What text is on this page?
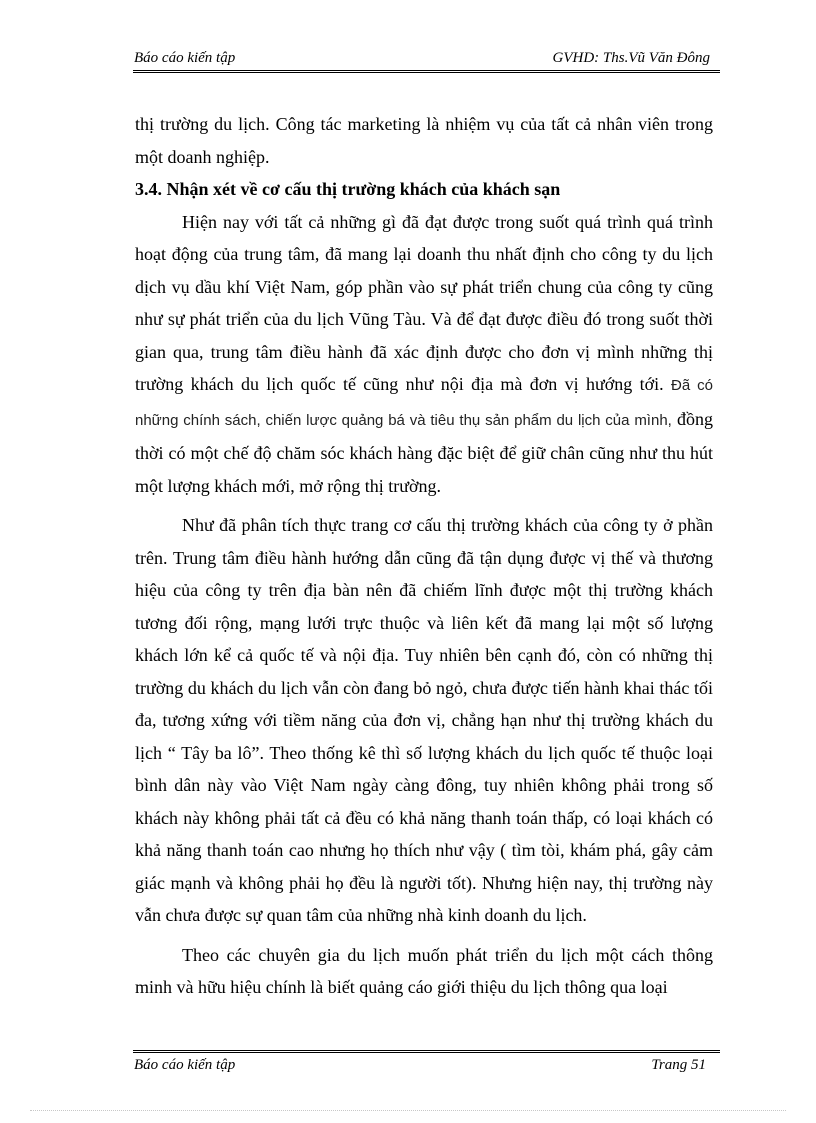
Báo cáo kiến tập	GVHD: Ths.Vũ Văn Đông

thị trường du lịch. Công tác marketing là nhiệm vụ của tất cả nhân viên trong một doanh nghiệp.

3.4. Nhận xét về cơ cấu thị trường khách của khách sạn

Hiện nay với tất cả những gì đã đạt được trong suốt quá trình quá trình hoạt động của trung tâm, đã mang lại doanh thu nhất định cho công ty du lịch dịch vụ dầu khí Việt Nam, góp phần vào sự phát triển chung của công ty cũng như sự phát triển của du lịch Vũng Tàu. Và để đạt được điều đó trong suốt thời gian qua, trung tâm điều hành đã xác định được cho đơn vị mình những thị trường khách du lịch quốc tế cũng như nội địa mà đơn vị hướng tới. Đã có những chính sách, chiến lược quảng bá và tiêu thụ sản phẩm du lịch của mình, đồng thời có một chế độ chăm sóc khách hàng đặc biệt để giữ chân cũng như thu hút một lượng khách mới, mở rộng thị trường.

Như đã phân tích thực trang cơ cấu thị trường khách của công ty ở phần trên. Trung tâm điều hành hướng dẫn cũng đã tận dụng được vị thế và thương hiệu của công ty trên địa bàn nên đã chiếm lĩnh được một thị trường khách tương đối rộng, mạng lưới trực thuộc và liên kết đã mang lại một số lượng khách lớn kể cả quốc tế và nội địa. Tuy nhiên bên cạnh đó, còn có những thị trường du khách du lịch vẫn còn đang bỏ ngỏ, chưa được tiến hành khai thác tối đa, tương xứng với tiềm năng của đơn vị, chẳng hạn như thị trường khách du lịch “ Tây ba lô”. Theo thống kê thì số lượng khách du lịch quốc tế thuộc loại bình dân này vào Việt Nam ngày càng đông, tuy nhiên không phải trong số khách này không phải tất cả đều có khả năng thanh toán thấp, có loại khách có khả năng thanh toán cao nhưng họ thích như vậy ( tìm tòi, khám phá, gây cảm giác mạnh và không phải họ đều là người tốt). Nhưng hiện nay, thị trường này vẫn chưa được sự quan tâm của những nhà kinh doanh du lịch.

Theo các chuyên gia du lịch muốn phát triển du lịch một cách thông minh và hữu hiệu chính là biết quảng cáo giới thiệu du lịch thông qua loại

Báo cáo kiến tập	Trang 51
